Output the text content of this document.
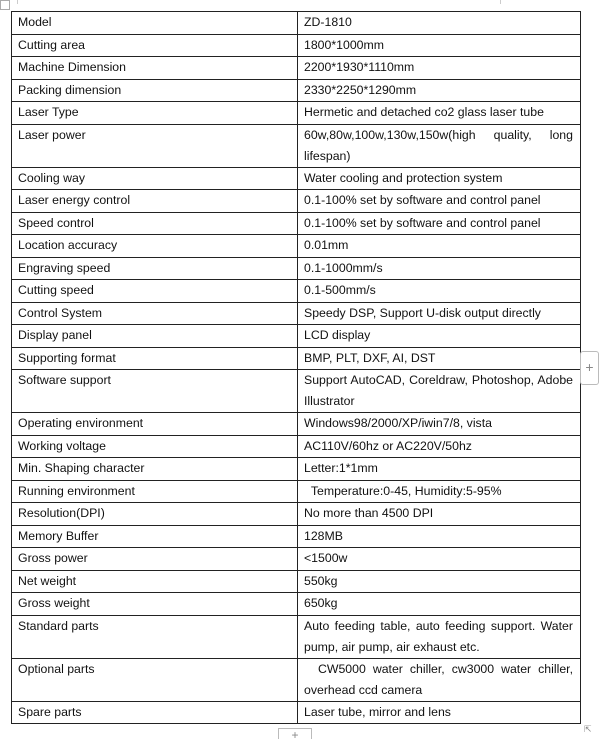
Model	ZD-1810
Cutting area	1800*1000mm
Machine Dimension	2200*1930*1110mm
Packing dimension	2330*2250*1290mm
Laser Type	Hermetic and detached co2 glass laser tube
Laser power	60w,80w,100w,130w,150w(high quality, long lifespan)
Cooling way	Water cooling and protection system
Laser energy control	0.1-100% set by software and control panel
Speed control	0.1-100% set by software and control panel
Location accuracy	0.01mm
Engraving speed	0.1-1000mm/s
Cutting speed	0.1-500mm/s
Control System	Speedy DSP, Support U-disk output directly
Display panel	LCD display
Supporting format	BMP, PLT, DXF, AI, DST
Software support	Support AutoCAD, Coreldraw, Photoshop, Adobe Illustrator
Operating environment	Windows98/2000/XP/iwin7/8, vista
Working voltage	AC110V/60hz or AC220V/50hz
Min. Shaping character	Letter:1*1mm
Running environment	Temperature:0-45, Humidity:5-95%
Resolution(DPI)	No more than 4500 DPI
Memory Buffer	128MB
Gross power	<1500w
Net weight	550kg
Gross weight	650kg
Standard parts	Auto feeding table, auto feeding support. Water pump, air pump, air exhaust etc.
Optional parts	CW5000 water chiller, cw3000 water chiller, overhead ccd camera
Spare parts	Laser tube, mirror and lens
+
+	⇱
